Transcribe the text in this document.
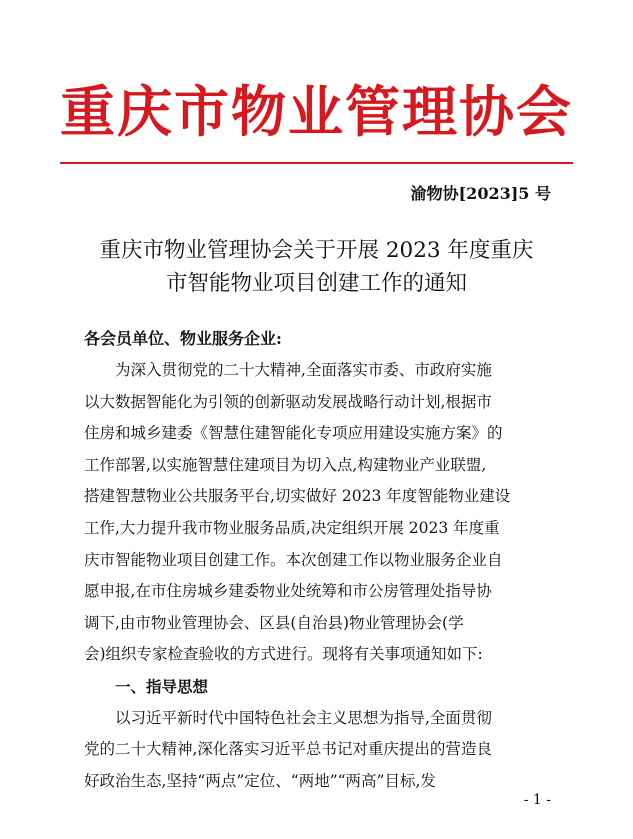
重庆市物业管理协会
渝物协[2023]5 号
重庆市物业管理协会关于开展 2023 年度重庆
市智能物业项目创建工作的通知
各会员单位、物业服务企业:
为深入贯彻党的二十大精神,全面落实市委、市政府实施
以大数据智能化为引领的创新驱动发展战略行动计划,根据市
住房和城乡建委《智慧住建智能化专项应用建设实施方案》的
工作部署,以实施智慧住建项目为切入点,构建物业产业联盟,
搭建智慧物业公共服务平台,切实做好 2023 年度智能物业建设
工作,大力提升我市物业服务品质,决定组织开展 2023 年度重
庆市智能物业项目创建工作。本次创建工作以物业服务企业自
愿申报,在市住房城乡建委物业处统筹和市公房管理处指导协
调下,由市物业管理协会、区县(自治县)物业管理协会(学
会)组织专家检查验收的方式进行。现将有关事项通知如下:
一、指导思想
以习近平新时代中国特色社会主义思想为指导,全面贯彻
党的二十大精神,深化落实习近平总书记对重庆提出的营造良
好政治生态,坚持“两点”定位、“两地”“两高”目标,发
- 1 -
